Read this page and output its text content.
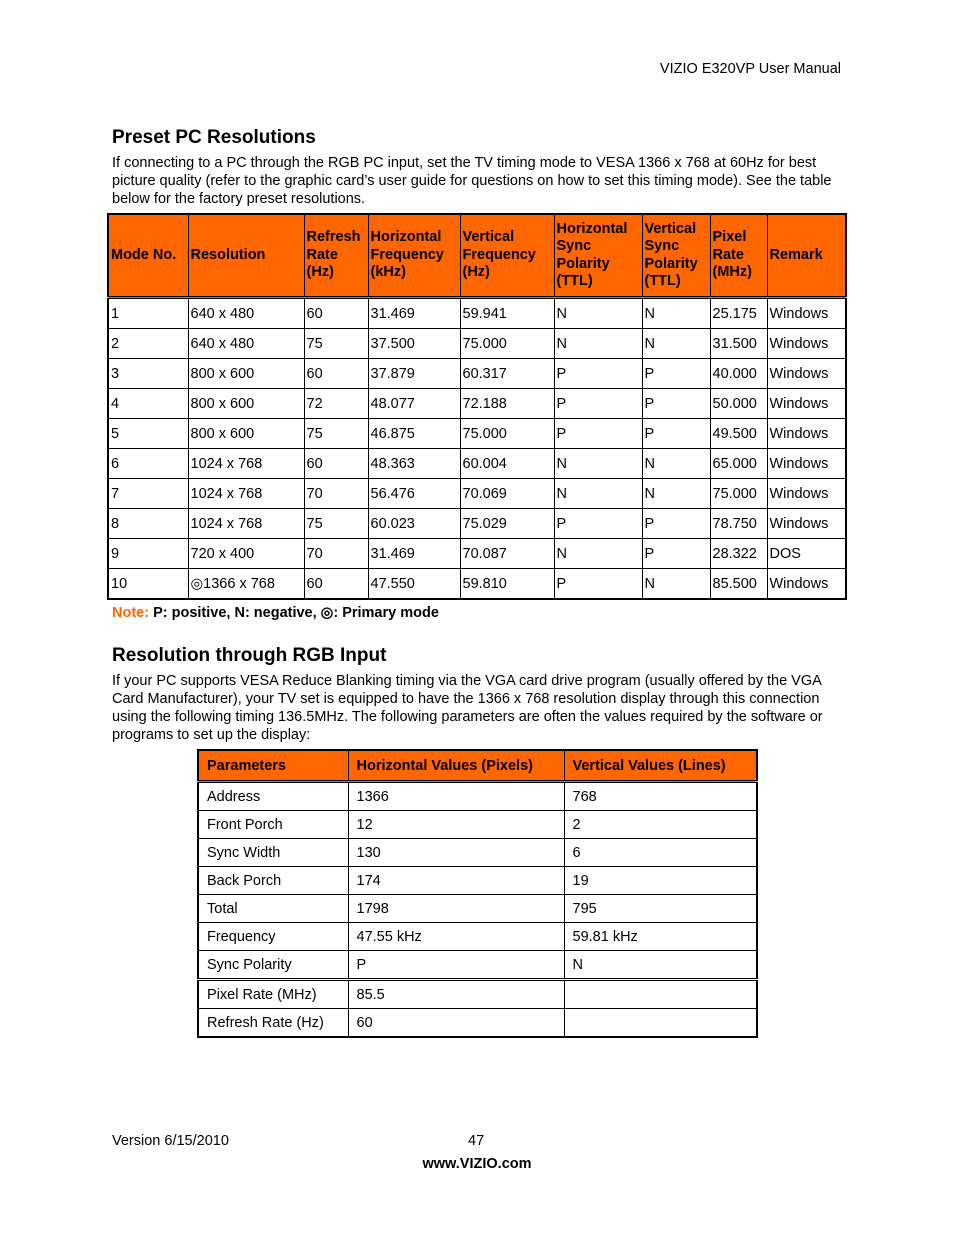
VIZIO E320VP User Manual
Preset PC Resolutions

If connecting to a PC through the RGB PC input, set the TV timing mode to VESA 1366 x 768 at 60Hz for best picture quality (refer to the graphic card’s user guide for questions on how to set this timing mode). See the table below for the factory preset resolutions.

Mode No.	Resolution	Refresh Rate (Hz)	Horizontal Frequency (kHz)	Vertical Frequency (Hz)	Horizontal Sync Polarity (TTL)	Vertical Sync Polarity (TTL)	Pixel Rate (MHz)	Remark
1	640 x 480	60	31.469	59.941	N	N	25.175	Windows
2	640 x 480	75	37.500	75.000	N	N	31.500	Windows
3	800 x 600	60	37.879	60.317	P	P	40.000	Windows
4	800 x 600	72	48.077	72.188	P	P	50.000	Windows
5	800 x 600	75	46.875	75.000	P	P	49.500	Windows
6	1024 x 768	60	48.363	60.004	N	N	65.000	Windows
7	1024 x 768	70	56.476	70.069	N	N	75.000	Windows
8	1024 x 768	75	60.023	75.029	P	P	78.750	Windows
9	720 x 400	70	31.469	70.087	N	P	28.322	DOS
10	◎1366 x 768	60	47.550	59.810	P	N	85.500	Windows
Note: P: positive, N: negative, ◎: Primary mode
Resolution through RGB Input

If your PC supports VESA Reduce Blanking timing via the VGA card drive program (usually offered by the VGA Card Manufacturer), your TV set is equipped to have the 1366 x 768 resolution display through this connection using the following timing 136.5MHz. The following parameters are often the values required by the software or programs to set up the display:

Parameters	Horizontal Values (Pixels)	Vertical Values (Lines)
Address	1366	768
Front Porch	12	2
Sync Width	130	6
Back Porch	174	19
Total	1798	795
Frequency	47.55 kHz	59.81 kHz
Sync Polarity	P	N
Pixel Rate (MHz)	85.5	
Refresh Rate (Hz)	60	
Version 6/15/2010	47
www.VIZIO.com
